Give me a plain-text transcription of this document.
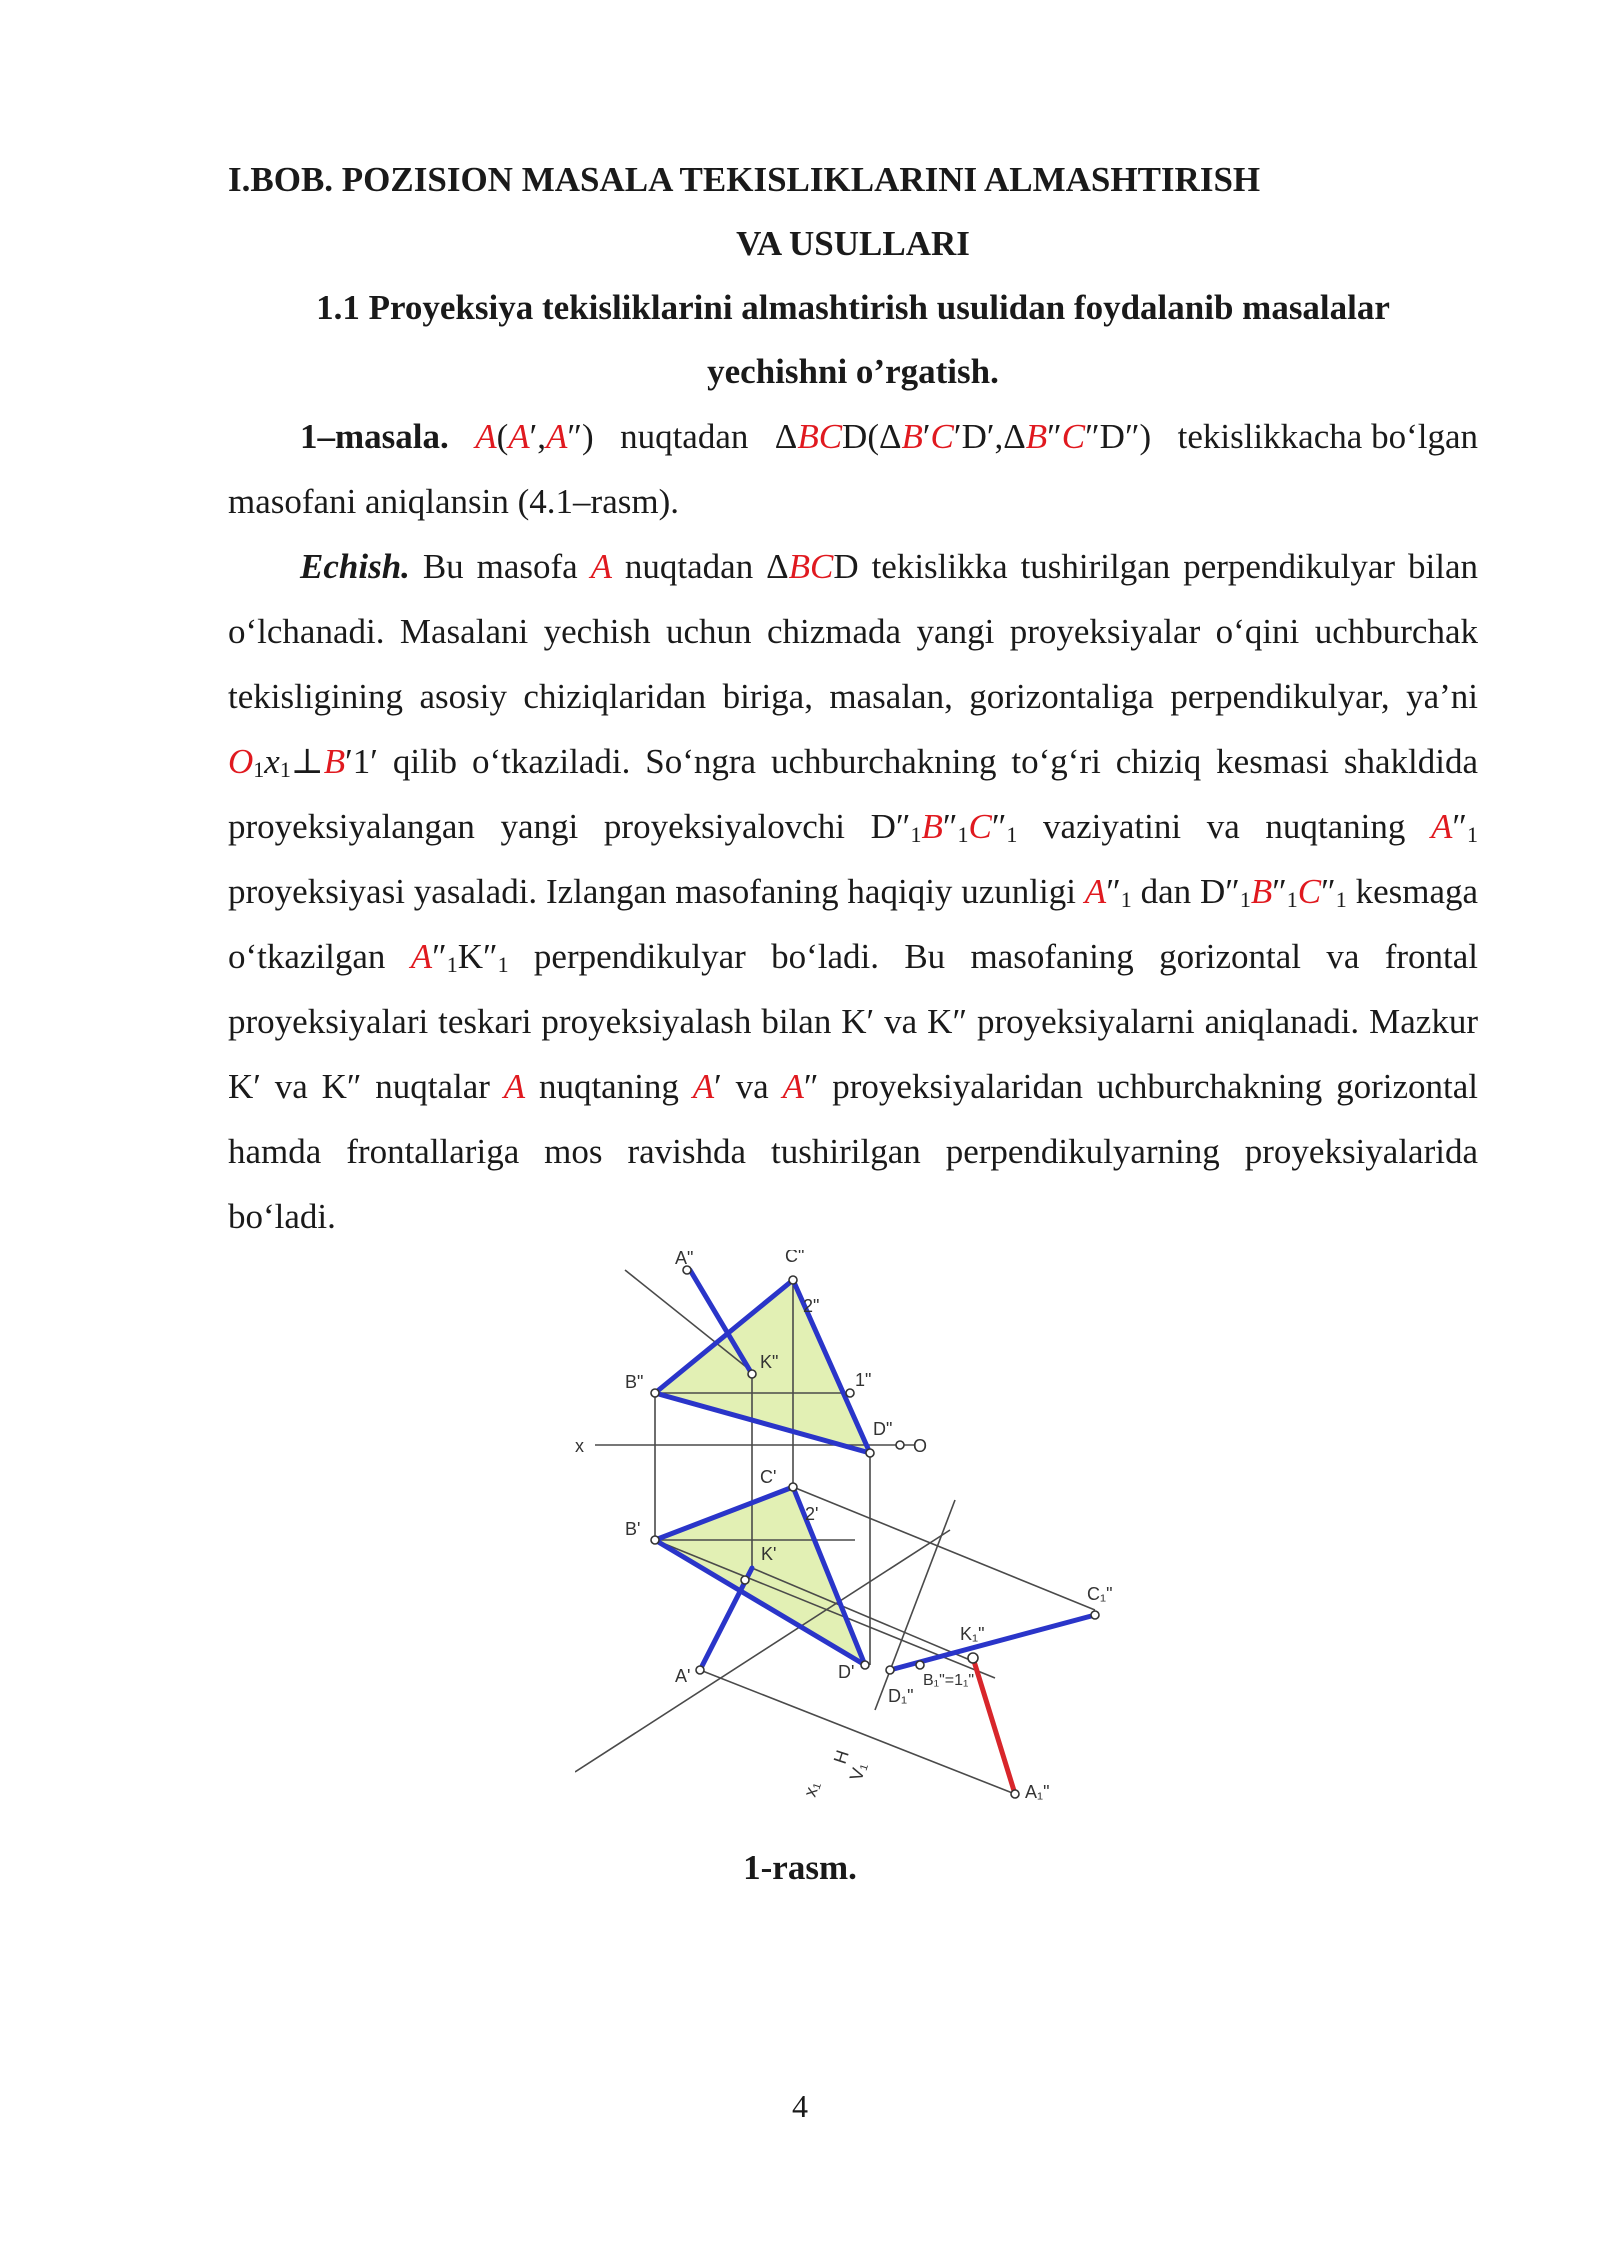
I.BOB. POZISION MASALA TEKISLIKLARINI ALMASHTIRISH

VA USULLARI

1.1 Proyeksiya tekisliklarini almashtirish usulidan foydalanib masalalar

yechishni o’rgatish.

1–masala. A(A′,A″)   nuqtadan   ΔBCD(ΔB′C′D′,ΔB″C″D″)   tekislikkacha bo‘lgan masofani aniqlansin (4.1–rasm).

Echish. Bu masofa A nuqtadan ΔBCD tekislikka tushirilgan perpendikulyar bilan o‘lchanadi. Masalani yechish uchun chizmada yangi proyeksiyalar o‘qini uchburchak tekisligining asosiy chiziqlaridan biriga, masalan, gorizontaliga perpendikulyar, ya’ni $O_1x_1\perp B'1'$ qilib o‘tkaziladi. So‘ngra uchburchakning to‘g‘ri chiziq kesmasi shakldida proyeksiyalangan yangi proyeksiyalovchi $D''_1B''_1C''_1$ vaziyatini va nuqtaning $A''_1$ proyeksiyasi yasaladi. Izlangan masofaning haqiqiy uzunligi $A''_1$ dan $D''_1B''_1C''_1$ kesmaga o‘tkazilgan $A''_1K''_1$ perpendikulyar bo‘ladi. Bu masofaning gorizontal va frontal proyeksiyalari teskari proyeksiyalash bilan K′ va K″ proyeksiyalarni aniqlanadi. Mazkur K′ va K″ nuqtalar A nuqtaning A′ va A″ proyeksiyalaridan uchburchakning gorizontal hamda frontallariga mos ravishda tushirilgan perpendikulyarning proyeksiyalarida bo‘ladi.

A"	C"
2"
K"
B"	1"
D"
x	O
C'
2'
B'
K'
A'	D'
C₁"
K₁"
B₁"=1₁"
D₁"
A₁"
x₁
H
V₁
1-rasm.
4
